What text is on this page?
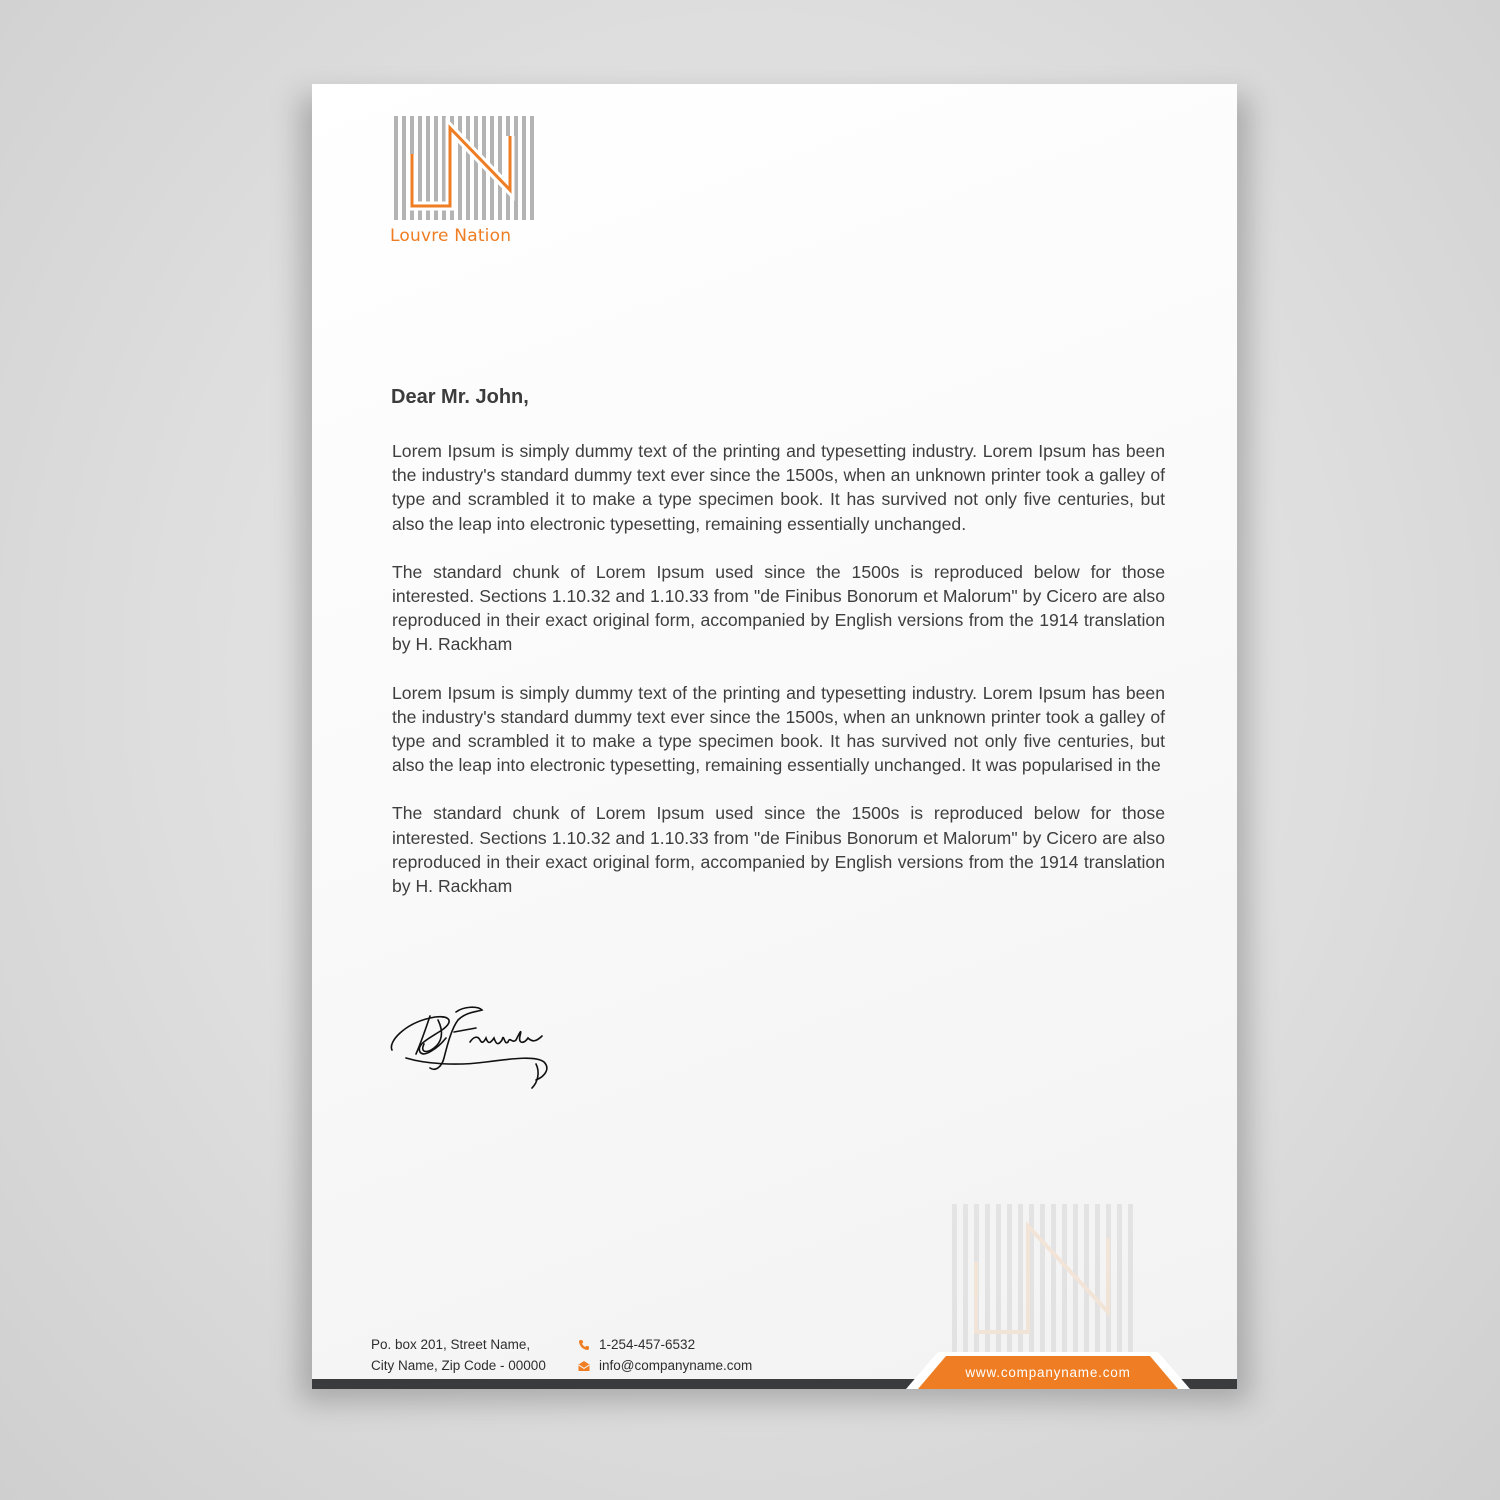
Louvre Nation
Dear Mr. John,

Lorem Ipsum is simply dummy text of the printing and typesetting industry. Lorem Ipsum has been the industry's standard dummy text ever since the 1500s, when an unknown printer took a galley of type and scrambled it to make a type specimen book. It has survived not only five centuries, but also the leap into electronic typesetting, remaining essentially unchanged.

The standard chunk of Lorem Ipsum used since the 1500s is reproduced below for those interested. Sections 1.10.32 and 1.10.33 from "de Finibus Bonorum et Malorum" by Cicero are also reproduced in their exact original form, accompanied by English versions from the 1914 translation by H. Rackham

Lorem Ipsum is simply dummy text of the printing and typesetting industry. Lorem Ipsum has been the industry's standard dummy text ever since the 1500s, when an unknown printer took a galley of type and scrambled it to make a type specimen book. It has survived not only five centuries, but also the leap into electronic typesetting, remaining essentially unchanged. It was popularised in the

The standard chunk of Lorem Ipsum used since the 1500s is reproduced below for those interested. Sections 1.10.32 and 1.10.33 from "de Finibus Bonorum et Malorum" by Cicero are also reproduced in their exact original form, accompanied by English versions from the 1914 translation by H. Rackham

Po. box 201, Street Name,
City Name, Zip Code - 00000
1-254-457-6532
info@companyname.com	www.companyname.com
